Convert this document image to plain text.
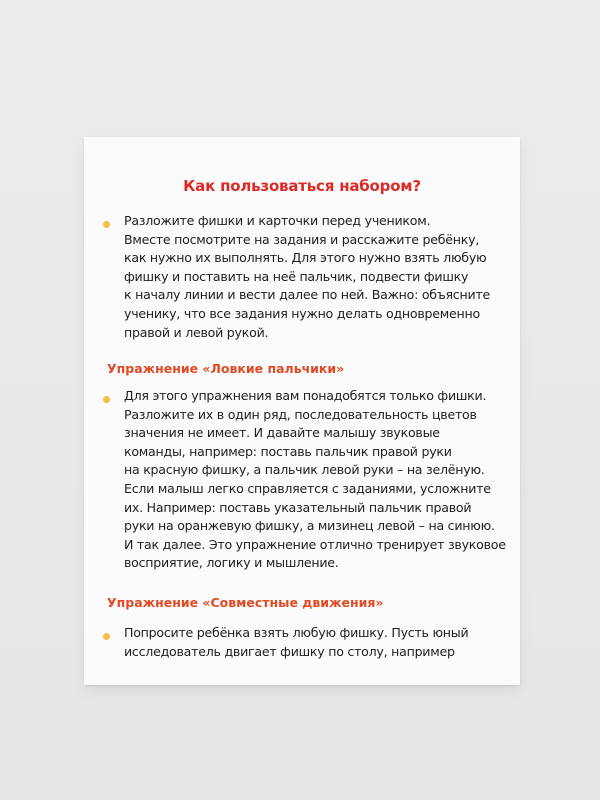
Как пользоваться набором?
Разложите фишки и карточки перед учеником.
Вместе посмотрите на задания и расскажите ребёнку,
как нужно их выполнять. Для этого нужно взять любую
фишку и поставить на неё пальчик, подвести фишку
к началу линии и вести далее по ней. Важно: объясните
ученику, что все задания нужно делать одновременно
правой и левой рукой.
Упражнение «Ловкие пальчики»
Для этого упражнения вам понадобятся только фишки.
Разложите их в один ряд, последовательность цветов
значения не имеет. И давайте малышу звуковые
команды, например: поставь пальчик правой руки
на красную фишку, а пальчик левой руки – на зелёную.
Если малыш легко справляется с заданиями, усложните
их. Например: поставь указательный пальчик правой
руки на оранжевую фишку, а мизинец левой – на синюю.
И так далее. Это упражнение отлично тренирует звуковое
восприятие, логику и мышление.
Упражнение «Совместные движения»
Попросите ребёнка взять любую фишку. Пусть юный
исследователь двигает фишку по столу, например
